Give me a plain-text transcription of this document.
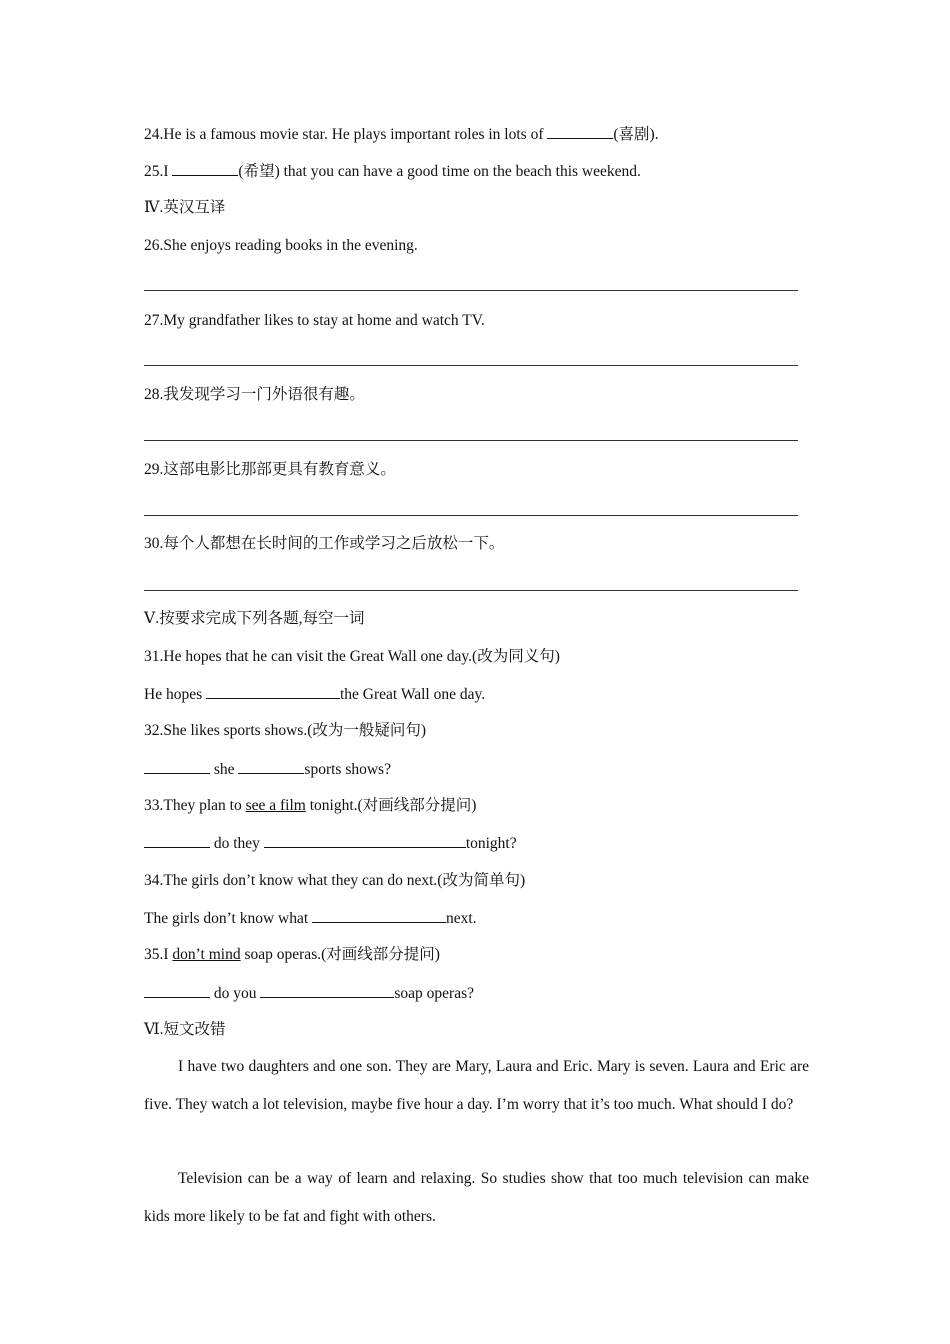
24.He is a famous movie star. He plays important roles in lots of	(喜剧).
25.I	(希望) that you can have a good time on the beach this weekend.
Ⅳ.英汉互译
26.She enjoys reading books in the evening.
27.My grandfather likes to stay at home and watch TV.
28.我发现学习一门外语很有趣。
29.这部电影比那部更具有教育意义。
30.每个人都想在长时间的工作或学习之后放松一下。
Ⅴ.按要求完成下列各题,每空一词
31.He hopes that he can visit the Great Wall one day.(改为同义句)
He hopes	the Great Wall one day.
32.She likes sports shows.(改为一般疑问句)
she	sports shows?
33.They plan to see a film tonight.(对画线部分提问)
do they	tonight?
34.The girls don’t know what they can do next.(改为简单句)
The girls don’t know what	next.
35.I don’t mind soap operas.(对画线部分提问)
do you	soap operas?
Ⅵ.短文改错

I have two daughters and one son. They are Mary, Laura and Eric. Mary is seven. Laura and Eric are five. They watch a lot television, maybe five hour a day. I’m worry that it’s too much. What should I do?

Television can be a way of learn and relaxing. So studies show that too much television can make kids more likely to be fat and fight with others.
